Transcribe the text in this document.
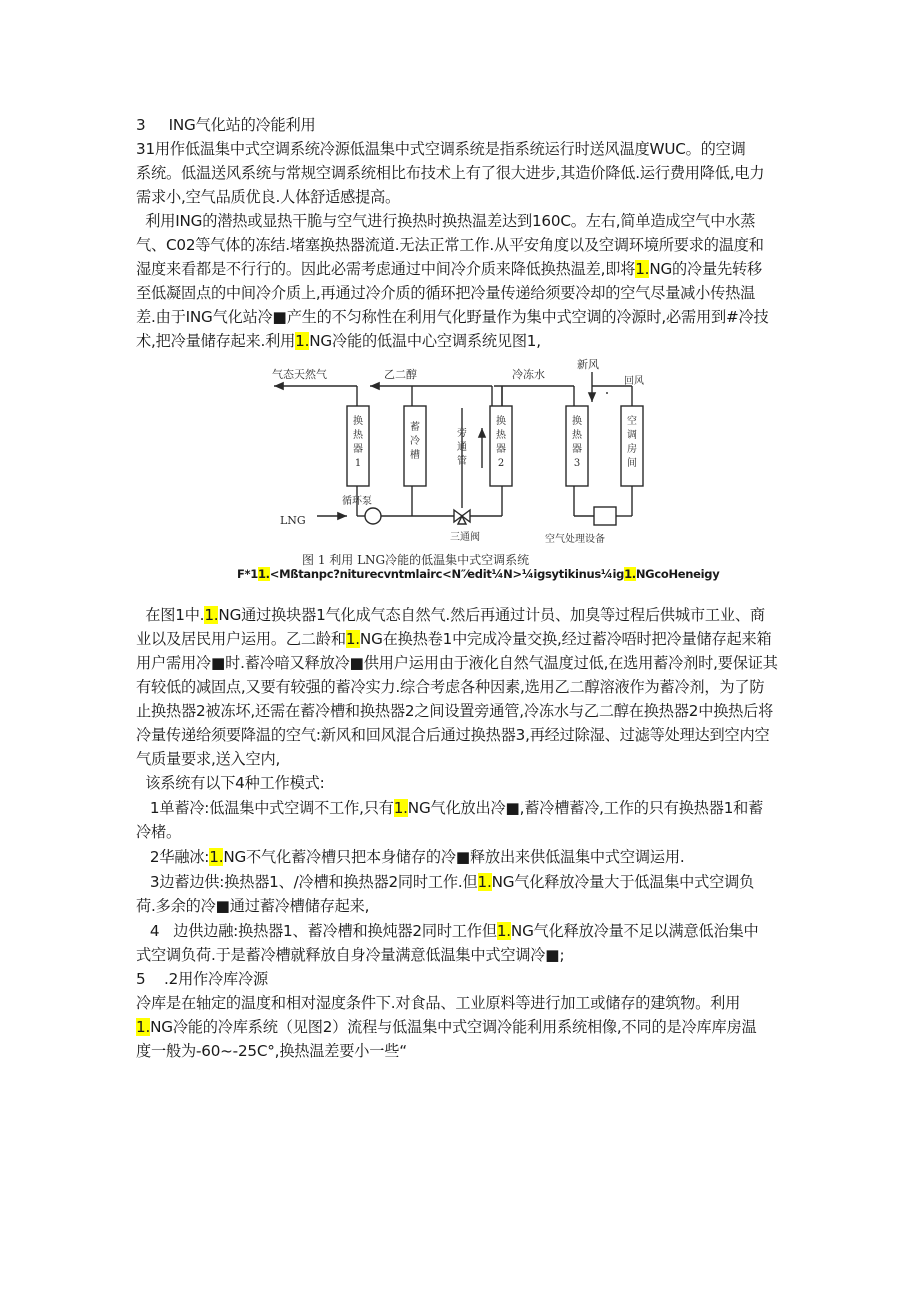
3     ING气化站的冷能利用
31用作低温集中式空调系统冷源低温集中式空调系统是指系统运行时送风温度WUC。的空调
系统。低温送风系统与常规空调系统相比布技术上有了很大进步,其造价降低.运行费用降低,电力
需求小,空气品质优良.人体舒适感提高。
利用ING的潜热或显热干脆与空气进行换热时换热温差达到160C。左右,简单造成空气中水蒸
气、C02等气体的冻结.堵塞换热器流道.无法正常工作.从平安角度以及空调环境所要求的温度和
湿度来看都是不行行的。因此必需考虑通过中间冷介质来降低换热温差,即将1.NG的冷量先转移
至低凝固点的中间冷介质上,再通过冷介质的循环把冷量传递给须要冷却的空气尽量减小传热温
差.由于ING气化站冷■产生的不匀称性在利用气化野量作为集中式空调的冷源时,必需用到#冷技
术,把冷量储存起来.利用1.NG冷能的低温中心空调系统见图1,
在图1中.1.NG通过换块器1气化成气态自然气.然后再通过计员、加臭等过程后供城市工业、商
业以及居民用户运用。乙二龄和1.NG在换热卷1中完成冷量交换,经过蓄冷唔时把冷量储存起来箱
用户需用冷■时.蓄冷喑又释放冷■供用户运用由于液化自然气温度过低,在选用蓄冷剂时,要保证其
有较低的减固点,又要有较强的蓄冷实力.综合考虑各种因素,选用乙二醇溶液作为蓄冷剂，为了防
止换热器2被冻坏,还需在蓄冷槽和换热器2之间设置旁通管,冷冻水与乙二醇在换热器2中换热后将
冷量传递给须要降温的空气:新风和回风混合后通过换热器3,再经过除湿、过滤等处理达到空内空
气质量要求,送入空内,
该系统有以下4种工作模式:
1单蓄冷:低温集中式空调不工作,只有1.NG气化放出冷■,蓄冷槽蓄冷,工作的只有换热器1和蓄
冷楮。
2华融冰:1.NG不气化蓄冷槽只把本身储存的冷■释放出来供低温集中式空调运用.
3边蓄边供:换热器1、/冷槽和换热器2同时工作.但1.NG气化释放冷量大于低温集中式空调负
荷.多余的冷■通过蓄冷槽储存起来,
4   边供边融:换热器1、蓄冷槽和换炖器2同时工作但1.NG气化释放冷量不足以满意低治集中
式空调负荷.于是蓄冷槽就释放自身冷量满意低温集中式空调冷■;
5    .2用作冷库冷源
冷库是在轴定的温度和相对湿度条件下.对食品、工业原料等进行加工或储存的建筑物。利用
1.NG冷能的冷库系统（见图2）流程与低温集中式空调冷能利用系统相像,不同的是冷库库房温
度一般为-60~-25C°,换热温差要小一些“
气态天然气	乙二醇	冷冻水
新风
回风
LNG
循环泵
三通阀	空气处理设备
换热器 1
蓄冷槽
旁通管
换热器 2
换热器 3
空调房间
图 1 利用 LNG冷能的低温集中式空调系统
F*11.<Mßtanpc?niturecvntmlairc<N″⁄edit¼N>¼igsytikinus¼ig1.NGcoHeneigy
